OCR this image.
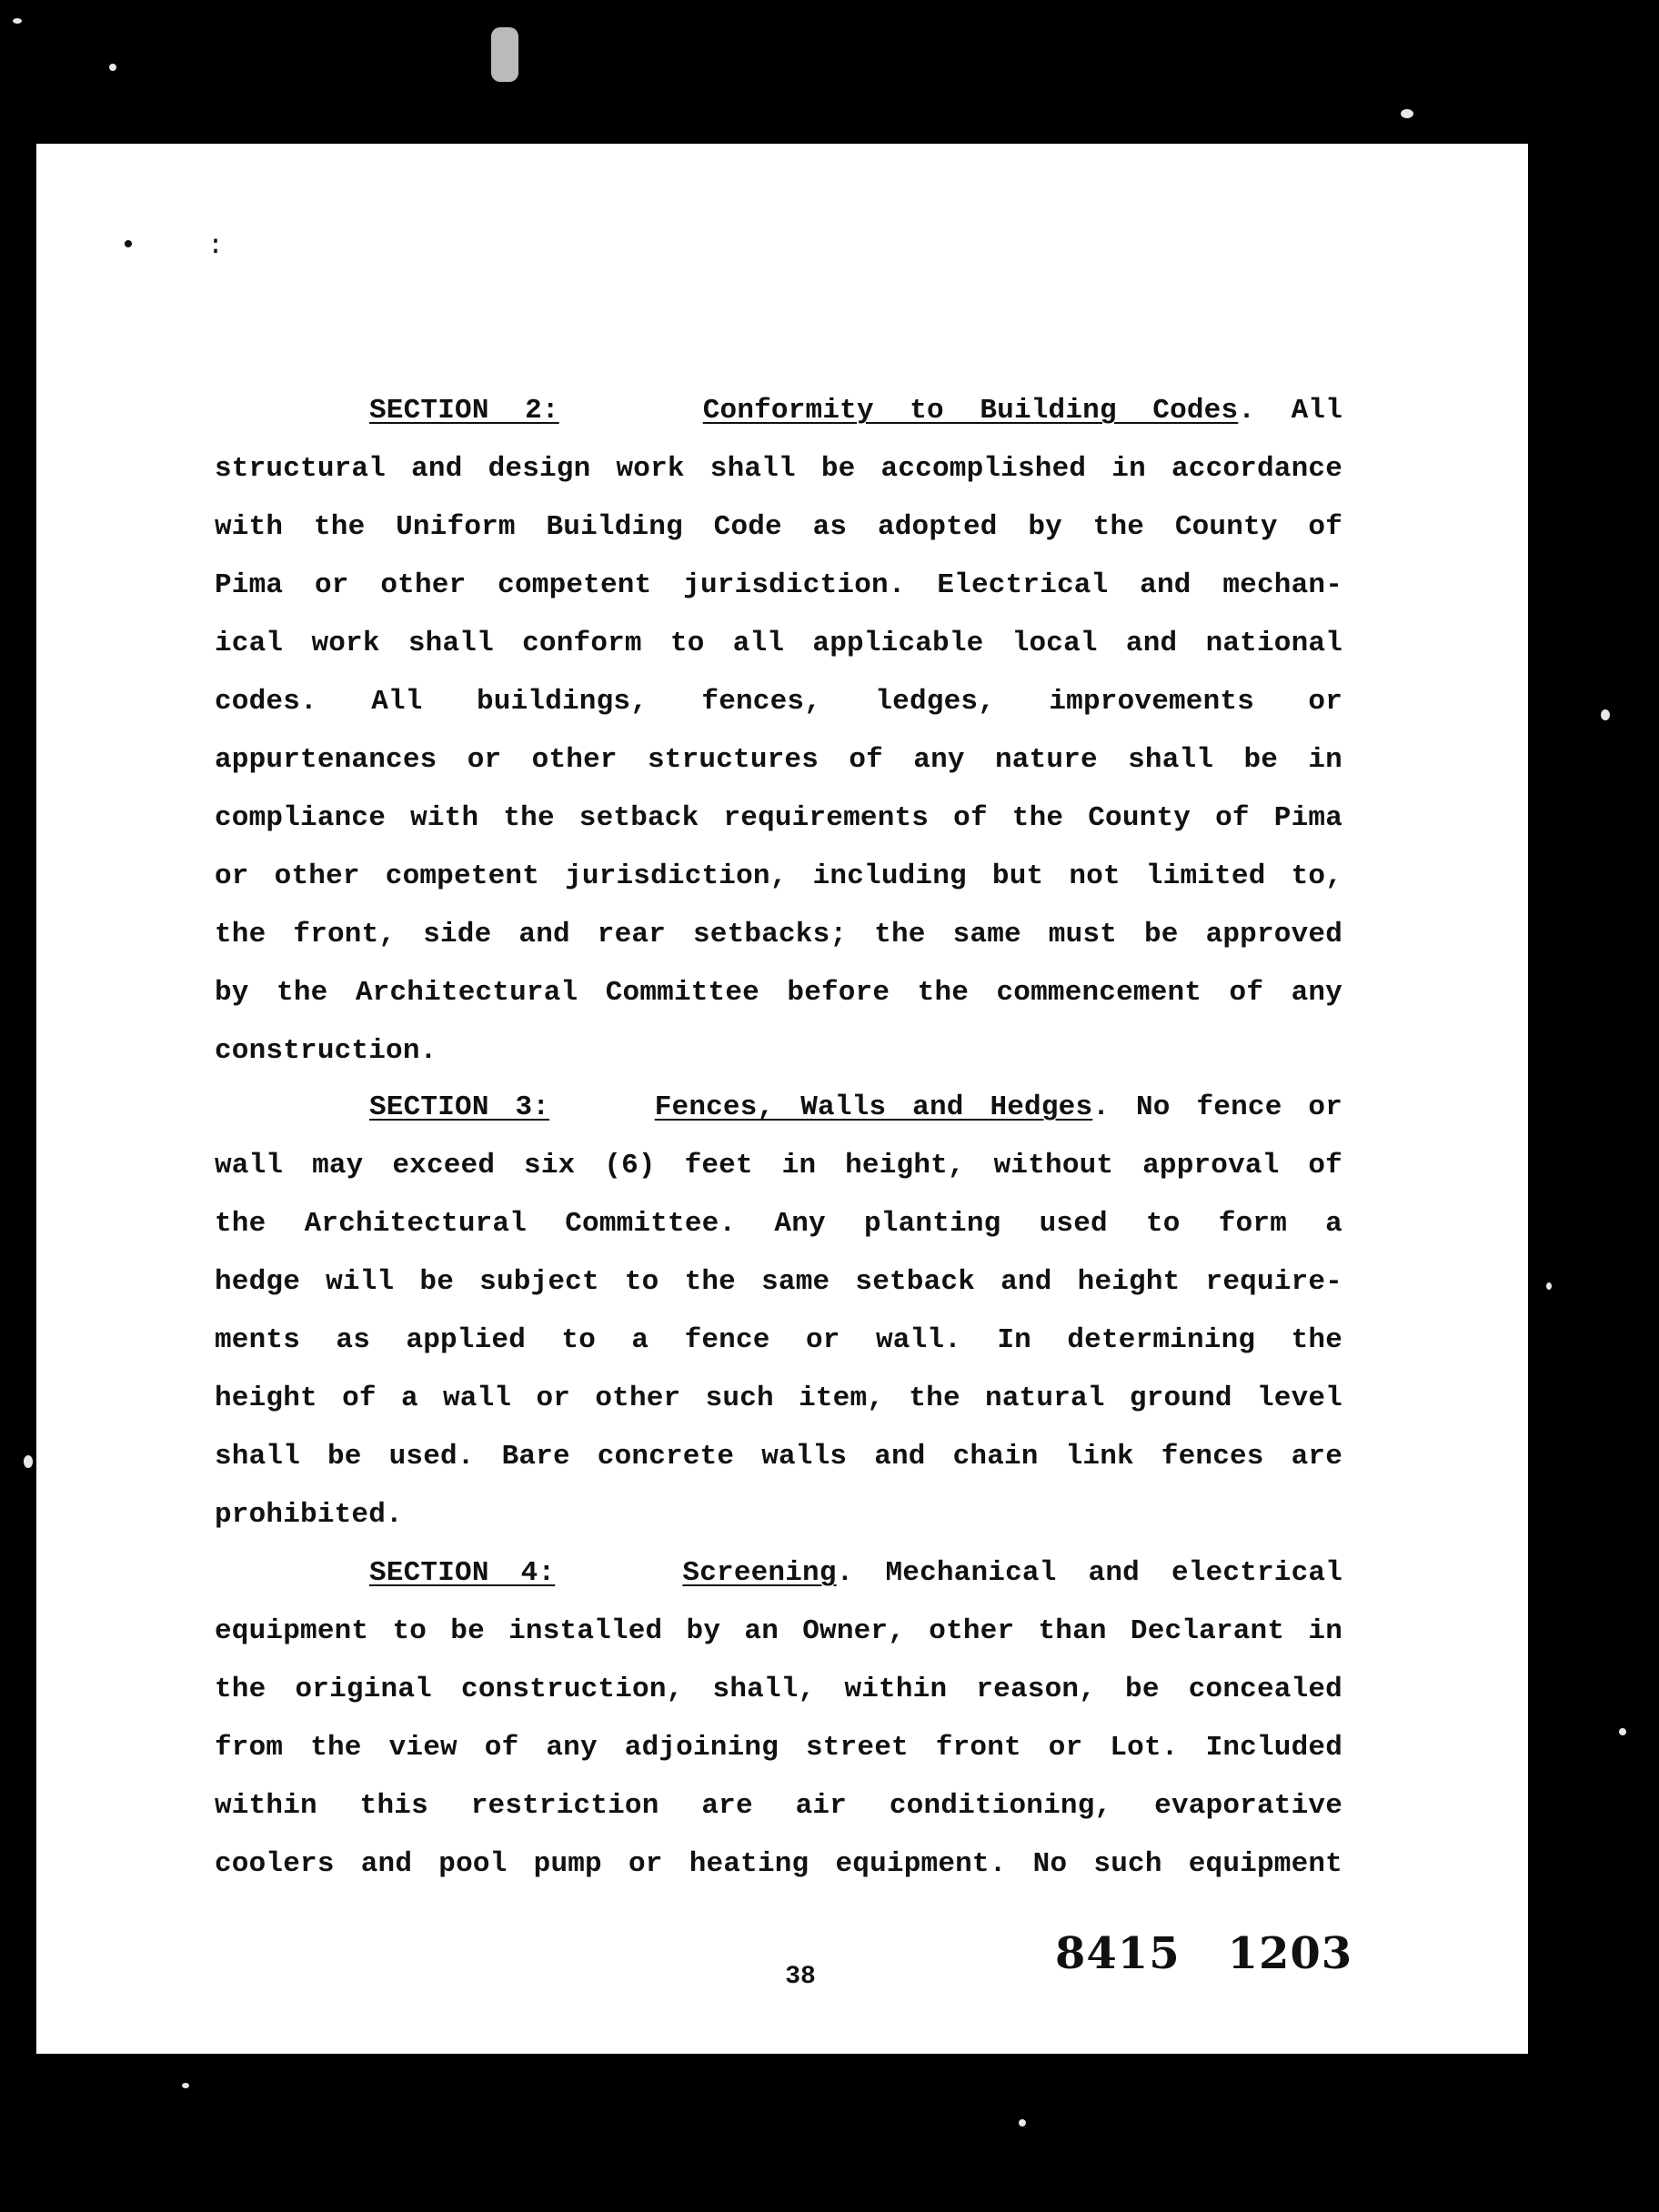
• :
SECTION 2:	Conformity to Building Codes. All
structural and design work shall be accomplished in accordance
with the Uniform Building Code as adopted by the County of
Pima or other competent jurisdiction. Electrical and mechan-
ical work shall conform to all applicable local and national
codes. All buildings, fences, ledges, improvements or
appurtenances or other structures of any nature shall be in
compliance with the setback requirements of the County of Pima
or other competent jurisdiction, including but not limited to,
the front, side and rear setbacks; the same must be approved
by the Architectural Committee before the commencement of any
construction.
SECTION 3:	Fences, Walls and Hedges. No fence or
wall may exceed six (6) feet in height, without approval of
the Architectural Committee. Any planting used to form a
hedge will be subject to the same setback and height require-
ments as applied to a fence or wall. In determining the
height of a wall or other such item, the natural ground level
shall be used. Bare concrete walls and chain link fences are
prohibited.
SECTION 4:	Screening. Mechanical and electrical
equipment to be installed by an Owner, other than Declarant in
the original construction, shall, within reason, be concealed
from the view of any adjoining street front or Lot. Included
within this restriction are air conditioning, evaporative
coolers and pool pump or heating equipment. No such equipment
38	8415 1203
